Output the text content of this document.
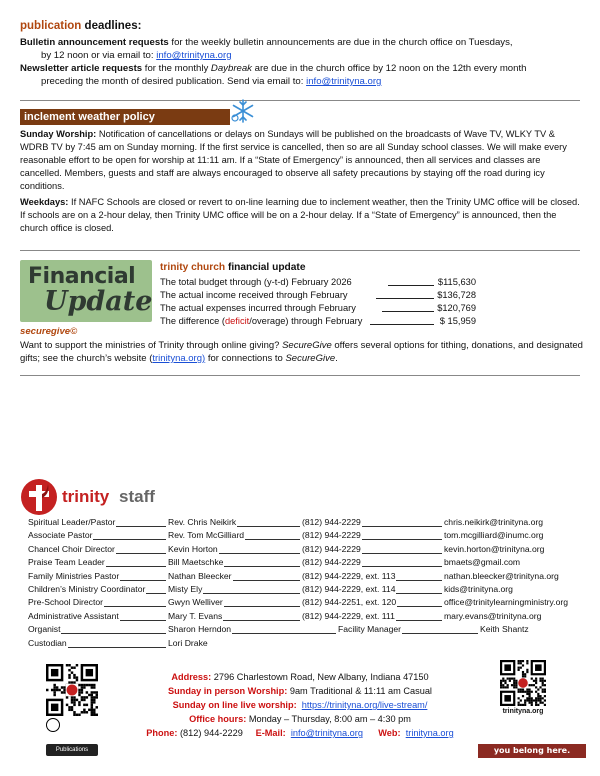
publication deadlines:
Bulletin announcement requests for the weekly bulletin announcements are due in the church office on Tuesdays,
by 12 noon or via email to: info@trinityna.org
Newsletter article requests for the monthly Daybreak are due in the church office by 12 noon on the 12th every month
preceding the month of desired publication. Send via email to: info@trinityna.org
inclement weather policy
Sunday Worship: Notification of cancellations or delays on Sundays will be published on the broadcasts of Wave TV, WLKY TV & WDRB TV by 7:45 am on Sunday morning. If the first service is cancelled, then so are all Sunday school classes. We will make every reasonable effort to be open for worship at 11:11 am. If a “State of Emergency” is announced, then all services and classes are cancelled. Members, guests and staff are always encouraged to observe all safety precautions by staying off the road during icy conditions.
Weekdays: If NAFC Schools are closed or revert to on-line learning due to inclement weather, then the Trinity UMC office will be closed. If schools are on a 2-hour delay, then Trinity UMC office will be on a 2-hour delay. If a “State of Emergency” is announced, then the church office is closed.
Financial
Update
trinity church financial update
The total budget through (y-t-d) February 2026	$115,630
The actual income received through February	$136,728
The actual expenses incurred through February	$120,769
The difference (deficit/overage) through February	$ 15,959
securegive©
Want to support the ministries of Trinity through online giving? SecureGive offers several options for tithing, donations, and designated gifts; see the church’s website (trinityna.org) for connections to SecureGive.
trinity staff
Spiritual Leader/Pastor	Rev. Chris Neikirk	(812) 944-2229	chris.neikirk@trinityna.org
Associate Pastor	Rev. Tom McGilliard	(812) 944-2229	tom.mcgilliard@inumc.org
Chancel Choir Director	Kevin Horton	(812) 944-2229	kevin.horton@trinityna.org
Praise Team Leader	Bill Maetschke	(812) 944-2229	bmaets@gmail.com
Family Ministries Pastor	Nathan Bleecker	(812) 944-2229, ext. 113	nathan.bleecker@trinityna.org
Children’s Ministry Coordinator	Misty Ely	(812) 944-2229, ext. 114	kids@trinityna.org
Pre-School Director	Gwyn Welliver	(812) 944-2251, ext. 120	office@trinitylearningministry.org
Administrative Assistant	Mary T. Evans	(812) 944-2229, ext. 111	mary.evans@trinityna.org
Organist	Sharon Herndon	Facility Manager	Keith Shantz
Custodian	Lori Drake
Address: 2796 Charlestown Road, New Albany, Indiana 47150
Sunday in person Worship: 9am Traditional & 11:11 am Casual
Sunday on line live worship: https://trinityna.org/live-stream/
Office hours: Monday – Thursday, 8:00 am – 4:30 pm
Phone: (812) 944-2229 E-Mail: info@trinityna.org Web: trinityna.org
Publications
trinityna.org
you belong here.
